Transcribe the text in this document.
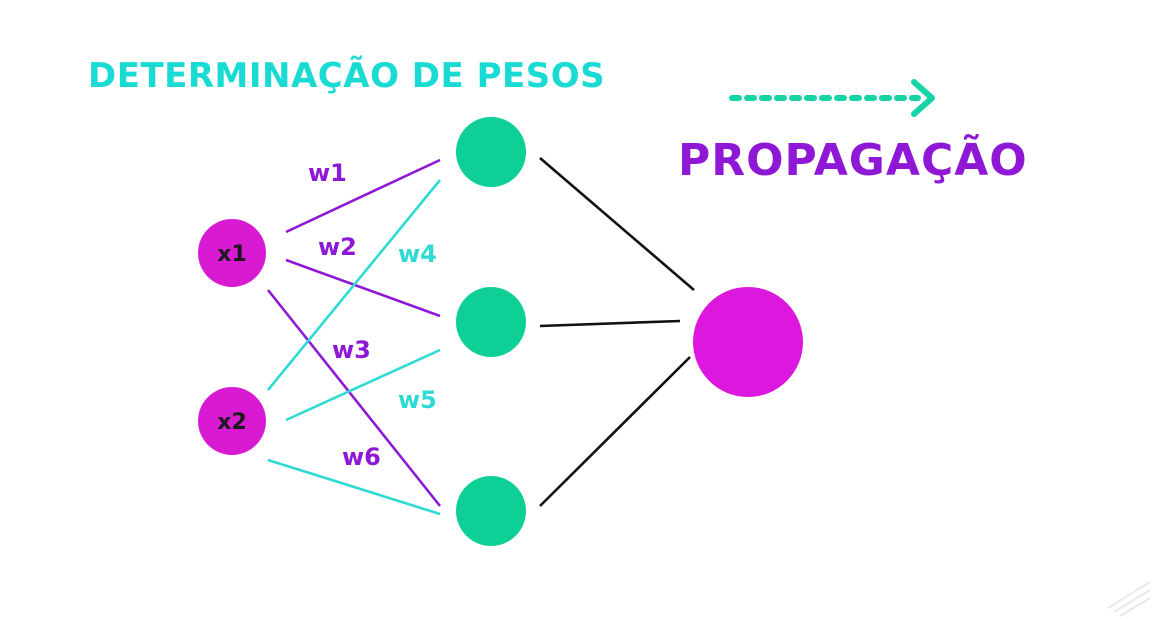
DETERMINAÇÃO DE PESOS
PROPAGAÇÃO
w1
w2
w3
w4
w5
w6
x1
x2
